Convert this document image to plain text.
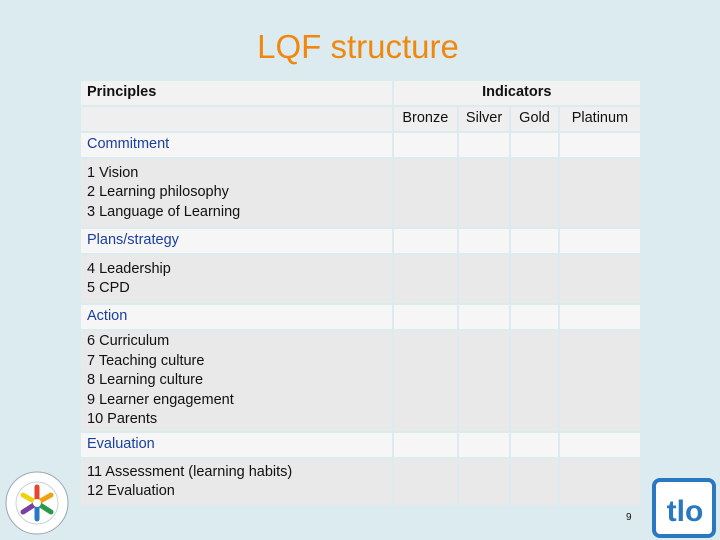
LQF structure
Principles	Indicators			
	Bronze	Silver	Gold	Platinum
Commitment				

1 Vision
2 Learning philosophy
3 Language of Learning				

Plans/strategy				

4 Leadership
5 CPD				

Action				

6 Curriculum
7 Teaching culture
8 Learning culture
9 Learner engagement
10 Parents				

Evaluation				

11 Assessment (learning habits)
12 Evaluation				

tlo
9
